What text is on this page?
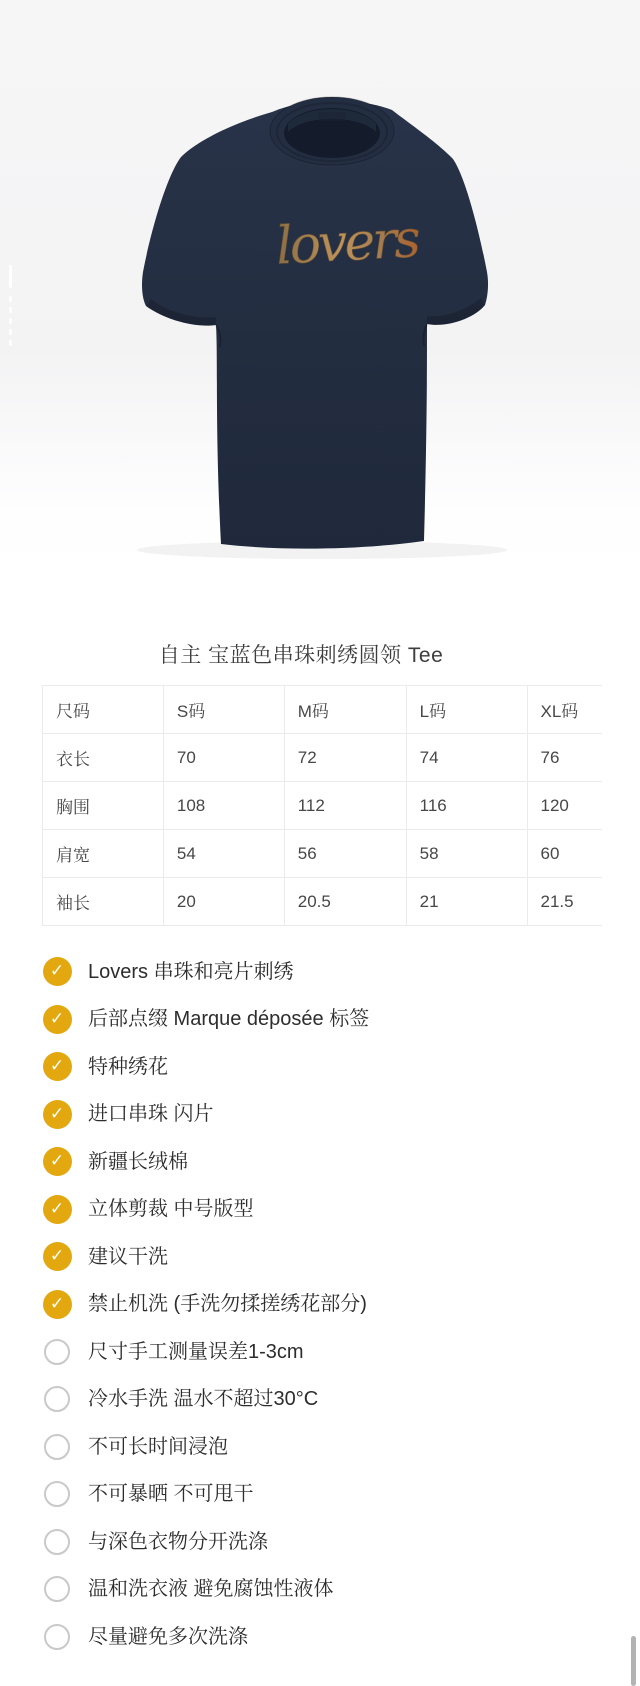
lovers
自主 宝蓝色串珠刺绣圆领 Tee
尺码	S码	M码	L码	XL码
衣长	70	72	74	76
胸围	108	112	116	120
肩宽	54	56	58	60
袖长	20	20.5	21	21.5
✓ Lovers 串珠和亮片刺绣
✓ 后部点缀 Marque déposée 标签
✓ 特种绣花
✓ 进口串珠 闪片
✓ 新疆长绒棉
✓ 立体剪裁 中号版型
✓ 建议干洗
✓ 禁止机洗 (手洗勿揉搓绣花部分)
尺寸手工测量误差1-3cm
冷水手洗 温水不超过30°C
不可长时间浸泡
不可暴晒 不可甩干
与深色衣物分开洗涤
温和洗衣液 避免腐蚀性液体
尽量避免多次洗涤
